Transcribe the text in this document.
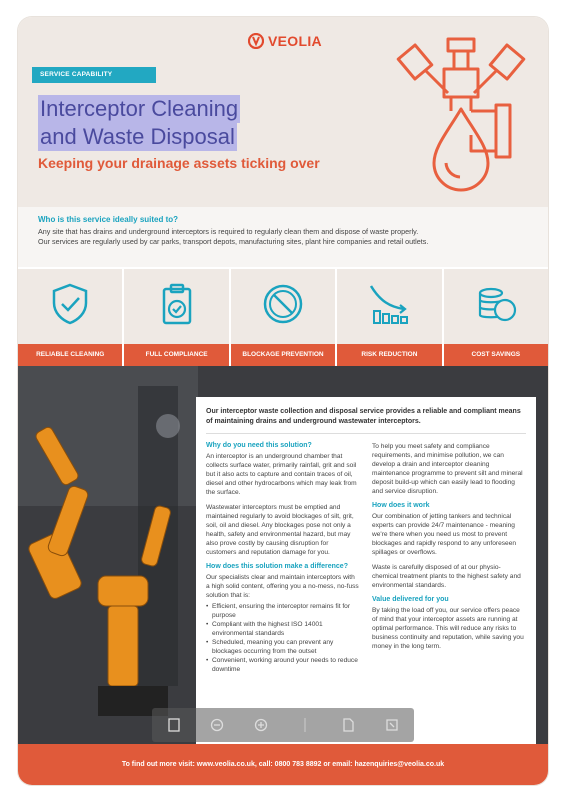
VEOLIA
SERVICE CAPABILITY
Interceptor Cleaning
and Waste Disposal
Keeping your drainage assets ticking over
Who is this service ideally suited to?
Any site that has drains and underground interceptors is required to regularly clean them and dispose of waste properly.
Our services are regularly used by car parks, transport depots, manufacturing sites, plant hire companies and retail outlets.
RELIABLE CLEANING	FULL COMPLIANCE	BLOCKAGE PREVENTION	RISK REDUCTION	COST SAVINGS
Our interceptor waste collection and disposal service provides a reliable and compliant means of maintaining drains and underground wastewater interceptors.
Why do you need this solution?
An interceptor is an underground chamber that collects surface water, primarily rainfall, grit and soil but it also acts to capture and contain traces of oil, diesel and other hydrocarbons which may leak from the surface.
Wastewater interceptors must be emptied and maintained regularly to avoid blockages of silt, grit, soil, oil and diesel. Any blockages pose not only a health, safety and environmental hazard, but may also prove costly by causing disruption for customers and reputation damage for you.
How does this solution make a difference?
Our specialists clear and maintain interceptors with a high solid content, offering you a no-mess, no-fuss solution that is:
• Efficient, ensuring the interceptor remains fit for purpose
• Compliant with the highest ISO 14001 environmental standards
• Scheduled, meaning you can prevent any blockages occurring from the outset
• Convenient, working around your needs to reduce downtime
To help you meet safety and compliance requirements, and minimise pollution, we can develop a drain and interceptor cleaning maintenance programme to prevent silt and mineral deposit build-up which can easily lead to flooding and service disruption.
How does it work
Our combination of jetting tankers and technical experts can provide 24/7 maintenance - meaning we're there when you need us most to prevent blockages and rapidly respond to any unforeseen spillages or overflows.
Waste is carefully disposed of at our physio-chemical treatment plants to the highest safety and environmental standards.
Value delivered for you
By taking the load off you, our service offers peace of mind that your interceptor assets are running at optimal performance. This will reduce any risks to business continuity and reputation, while saving you money in the long term.
To find out more visit: www.veolia.co.uk, call: 0800 783 8892 or email: hazenquiries@veolia.co.uk
